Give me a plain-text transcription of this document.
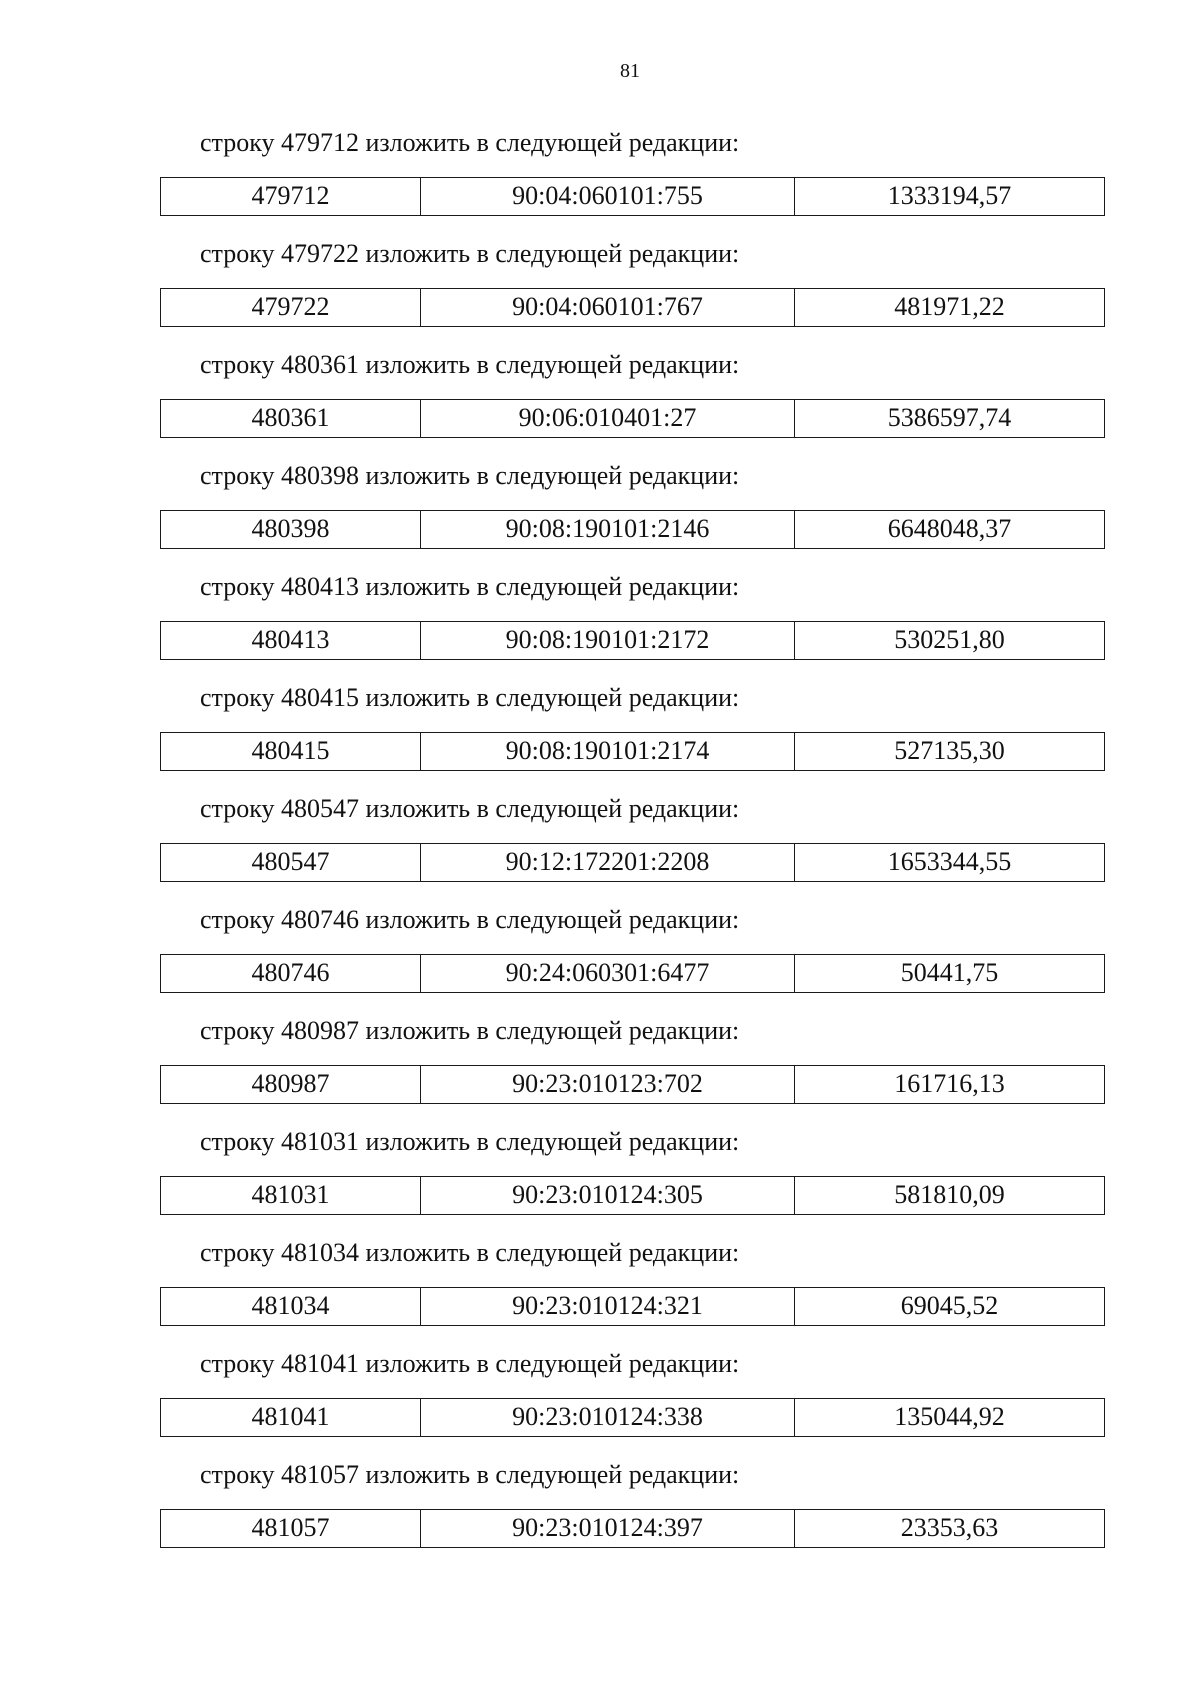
81
строку 479712 изложить в следующей редакции:
479712	90:04:060101:755	1333194,57
строку 479722 изложить в следующей редакции:
479722	90:04:060101:767	481971,22
строку 480361 изложить в следующей редакции:
480361	90:06:010401:27	5386597,74
строку 480398 изложить в следующей редакции:
480398	90:08:190101:2146	6648048,37
строку 480413 изложить в следующей редакции:
480413	90:08:190101:2172	530251,80
строку 480415 изложить в следующей редакции:
480415	90:08:190101:2174	527135,30
строку 480547 изложить в следующей редакции:
480547	90:12:172201:2208	1653344,55
строку 480746 изложить в следующей редакции:
480746	90:24:060301:6477	50441,75
строку 480987 изложить в следующей редакции:
480987	90:23:010123:702	161716,13
строку 481031 изложить в следующей редакции:
481031	90:23:010124:305	581810,09
строку 481034 изложить в следующей редакции:
481034	90:23:010124:321	69045,52
строку 481041 изложить в следующей редакции:
481041	90:23:010124:338	135044,92
строку 481057 изложить в следующей редакции:
481057	90:23:010124:397	23353,63
